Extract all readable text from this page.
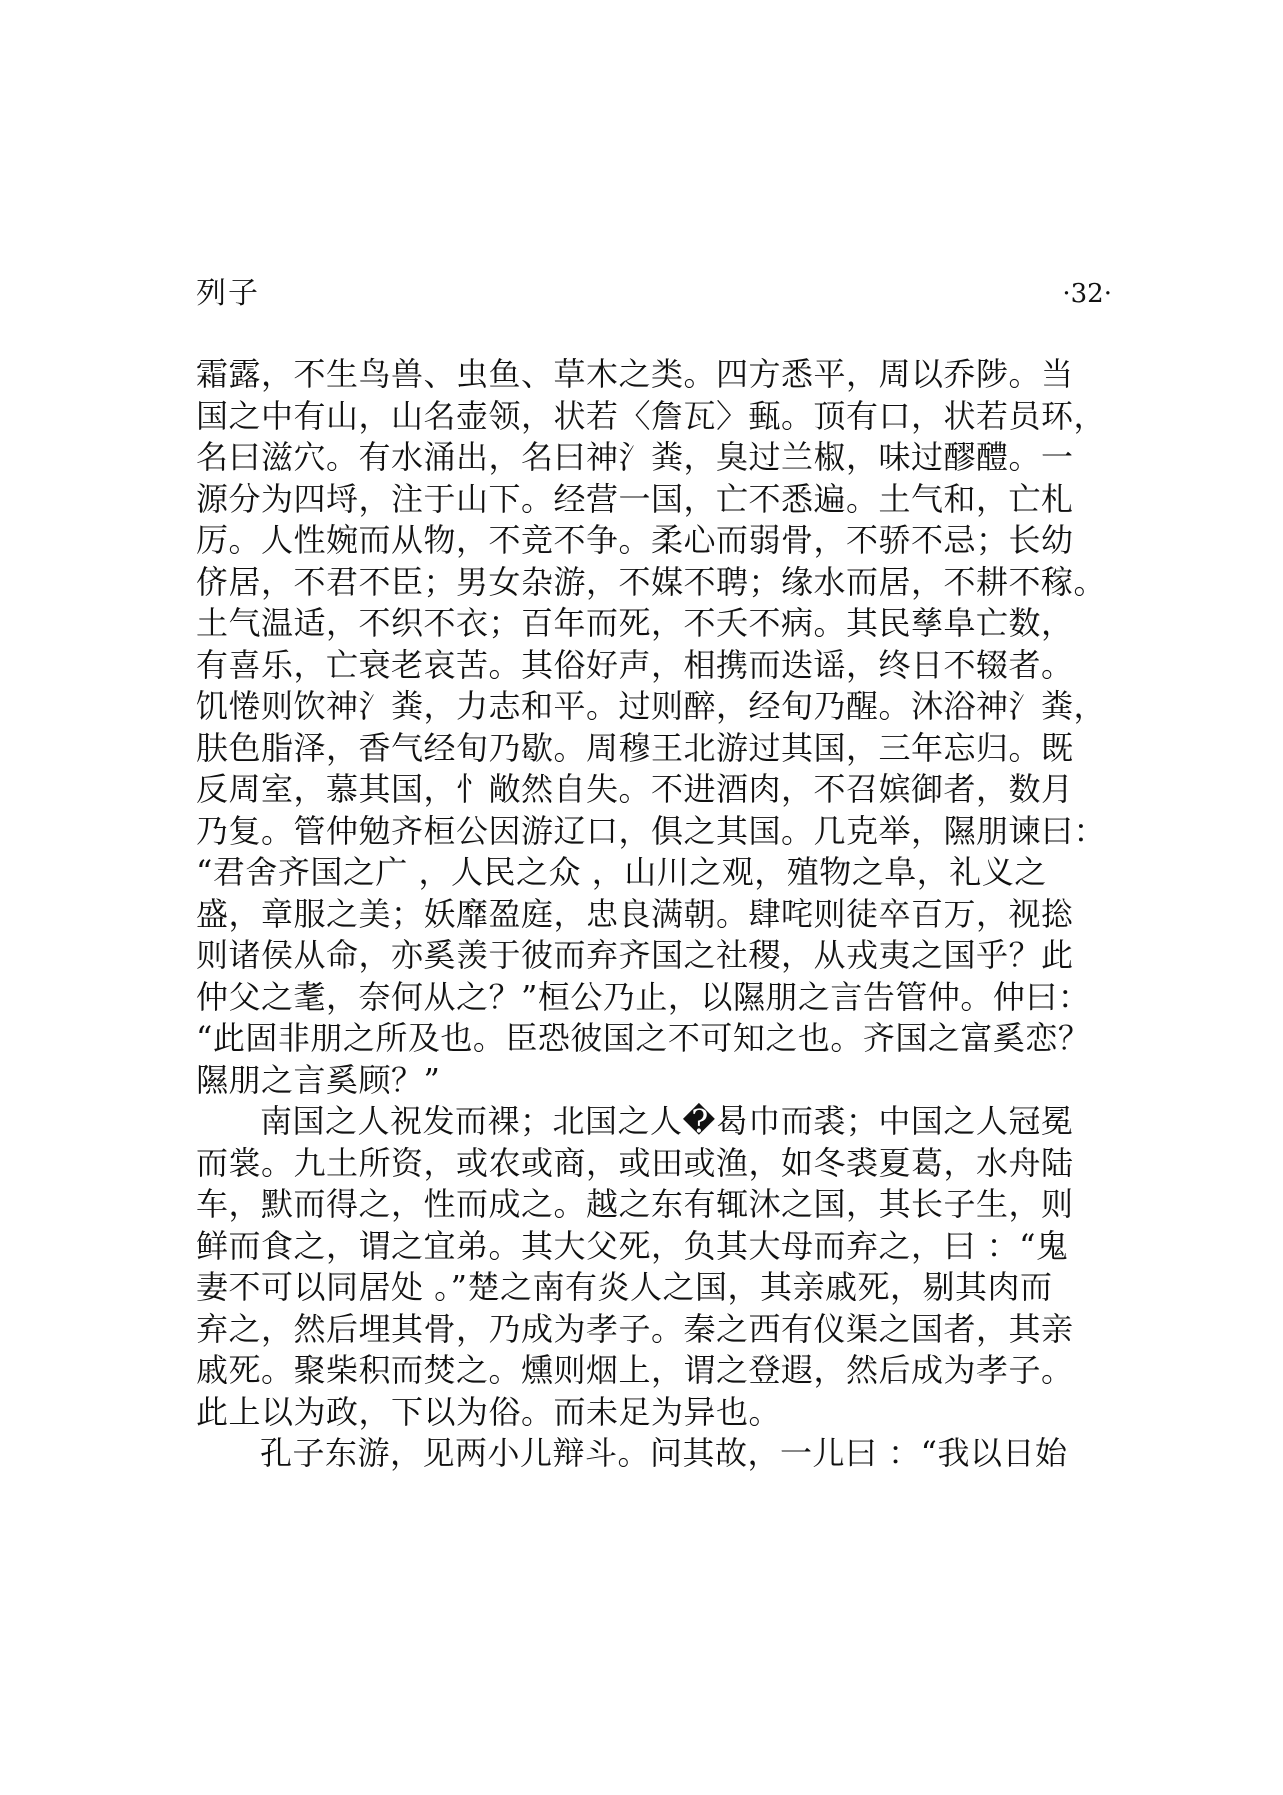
列子	·32·
霜露，不生鸟兽、虫鱼、草木之类。四方悉平，周以乔陟。当
国之中有山，山名壶领，状若〈詹瓦〉甀。顶有口，状若员环，
名曰滋穴。有水涌出，名曰神氵粪，臭过兰椒，味过醪醴。一
源分为四埒，注于山下。经营一国，亡不悉遍。土气和，亡札
厉。人性婉而从物，不竞不争。柔心而弱骨，不骄不忌；长幼
侪居，不君不臣；男女杂游，不媒不聘；缘水而居，不耕不稼。
土气温适，不织不衣；百年而死，不夭不病。其民孳阜亡数，
有喜乐，亡衰老哀苦。其俗好声，相携而迭谣，终日不辍者。
饥惓则饮神氵粪，力志和平。过则醉，经旬乃醒。沐浴神氵粪，
肤色脂泽，香气经旬乃歇。周穆王北游过其国，三年忘归。既
反周室，慕其国，忄敞然自失。不进酒肉，不召嫔御者，数月
乃复。管仲勉齐桓公因游辽口，俱之其国。几克举，隰朋谏曰：
“君舍齐国之广 ，人民之众 ，山川之观，殖物之阜，礼义之
盛，章服之美；妖靡盈庭，忠良满朝。肆咤则徒卒百万，视捴
则诸侯从命，亦奚羡于彼而弃齐国之社稷，从戎夷之国乎？此
仲父之耄，奈何从之？”桓公乃止，以隰朋之言告管仲。仲曰：
“此固非朋之所及也。臣恐彼国之不可知之也。齐国之富奚恋？
隰朋之言奚顾？”
南国之人祝发而裸；北国之人�曷巾而裘；中国之人冠冕
而裳。九土所资，或农或商，或田或渔，如冬裘夏葛，水舟陆
车，默而得之，性而成之。越之东有辄沐之国，其长子生，则
鲜而食之，谓之宜弟。其大父死，负其大母而弃之，曰 ：“鬼
妻不可以同居处 。”楚之南有炎人之国，其亲戚死，剔其肉而
弃之，然后埋其骨，乃成为孝子。秦之西有仪渠之国者，其亲
戚死。聚柴积而焚之。燻则烟上，谓之登遐，然后成为孝子。
此上以为政，下以为俗。而未足为异也。
孔子东游，见两小儿辩斗。问其故，一儿曰 ：“我以日始
